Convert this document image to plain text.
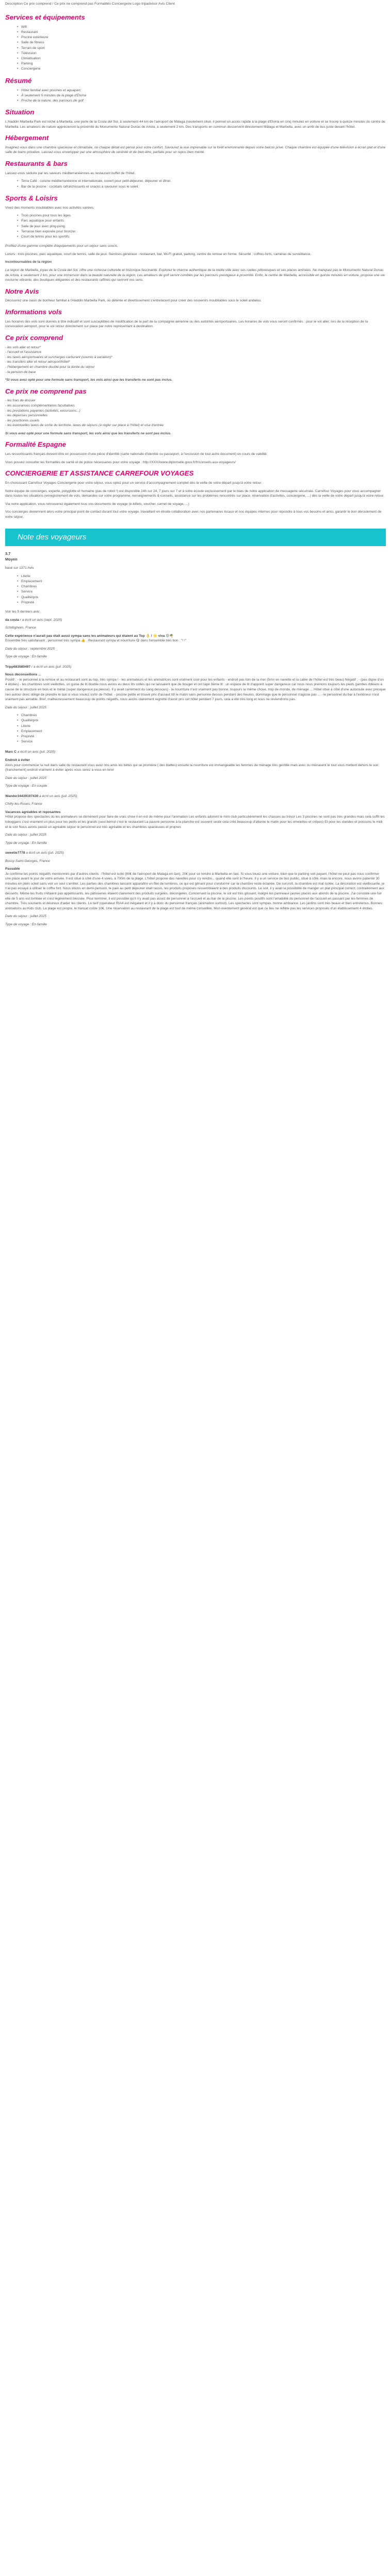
Description Ce prix comprend / Ce prix ne comprend pas Formalités Conciergerie Logo tripadvisor Avis Client
Services et équipements
• Wifi
• Restaurant
• Piscine extérieure
• Salle de fitness
• Terrain de sport
• Télévision
• Climatisation
• Parking
• Conciergerie
Résumé
• Hôtel familial avec piscines et aquaparc
• À seulement 5 minutes de la plage d'Elviria
• Proche de la nature, des parcours de golf
Situation

L'Aladdin Marbella Park est niché à Marbella, une perle de la Costa del Sol, à seulement 44 km de l'aéroport de Málaga (seulement situé, il permet un accès rapide à la plage d'Elviria en cinq minutes en voiture et se trouve à quinze minutes du centre de Marbella. Les amateurs de nature apprécieront la proximité du Monumento Natural Dunas de Artola, à seulement 2 km. Des transports en commun desservent directement Málaga et Marbella, avec un arrêt de bus juste devant l'hôtel.

Hébergement

Imaginez-vous dans une chambre spacieuse et climatisée, où chaque détail est pensé pour votre confort. Savourez la vue imprenable sur la forêt environnante depuis votre balcon privé. Chaque chambre est équipée d'une télévision à écran plat et d'une salle de bains privative. Laissez-vous envelopper par une atmosphère de sérénité et de bien-être, parfaite pour un repos bien mérité.

Restaurants & bars

Laissez-vous séduire par les saveurs méditerranéennes au restaurant buffet de l'hôtel.

• Terra Café : cuisine méditerranéenne et internationale, ouvert pour petit-déjeuner, déjeuner et dîner.
• Bar de la piscine : cocktails rafraîchissants et snacks à savourer sous le soleil.
Sports & Loisirs

Vivez des moments inoubliables avec nos activités variées.

• Trois piscines pour tous les âges.
• Parc aquatique pour enfants.
• Salle de jeux avec ping-pong.
• Terrasse bien exposée pour bronzer.
• Court de tennis pour les sportifs.

Profitez d'une gamme complète d'équipements pour un séjour sans soucis.

Loisirs : trois piscines, parc aquatique, court de tennis, salle de jeux. Services généraux : restaurant, bar, Wi-Fi gratuit, parking, centre de remise en forme. Sécurité : coffres-forts, caméras de surveillance.

Incontournables de la région

La région de Marbella, joyau de la Costa del Sol, offre une richesse culturelle et historique fascinante. Explorez le charme authentique de la vieille ville avec ses ruelles pittoresques et ses places animées. Ne manquez pas le Monumento Natural Dunas de Artola, à seulement 2 km, pour une immersion dans la beauté naturelle de la région. Les amateurs de golf seront comblés par les parcours prestigieux à proximité. Enfin, le centre de Marbella, accessible en quinze minutes en voiture, propose une vie nocturne vibrante, des boutiques élégantes et des restaurants raffinés qui raviront vos sens.

Notre Avis

Découvrez une oasis de bonheur familial à l'Aladdin Marbella Park, où détente et divertissement s'entrelacent pour créer des souvenirs inoubliables sous le soleil andalou.

Informations vols

Les horaires des vols sont donnés à titre indicatif et sont susceptibles de modification de la part de la compagnie aérienne ou des autorités aéroportuaires. Les horaires de vols vous seront confirmés : pour le vol aller, lors de la réception de la convocation aéroport, pour le vol retour directement sur place par notre représentant à destination.

Ce prix comprend
- les vols aller et retour*
- l'accueil et l'assistance
- les taxes aéroportuaires et surcharges carburant (soumis à variation)*
- les transfers aller et retour aéroport/hôtel*
- l'hébergement en chambre double pour la durée du séjour
- la pension de base

*Si vous avez opté pour une formule sans transport, les vols ainsi que les transferts ne sont pas inclus.

Ce prix ne comprend pas
- les frais de dossier
- les assurances complémentaires facultatives
- les prestations payantes (activités, excursions...)
- les dépenses personnelles
- les pourboires usuels
- les éventuelles taxes de sortie du territoire, taxes de séjours (à régler sur place à l'hôtel) et visa d'entrée

Si vous avez opté pour une formule sans transport, les vols ainsi que les transferts ne sont pas inclus.

Formalité Espagne

Les ressortissants français doivent être en possession d'une pièce d'identité (carte nationale d'identité ou passeport, à l'exclusion de tout autre document) en cours de validité.

Vous pouvez consulter les formalités de santé et de police nécessaires pour votre voyage : http://XXXXwww.diplomatie.gouv.fr/fr/conseils-aux-voyageurs/

CONCIERGERIE ET ASSISTANCE CARREFOUR VOYAGES

En choisissant Carrefour Voyages Conciergerie pour votre séjour, vous optez pour un service d'accompagnement complet dès la veille de votre départ jusqu'à votre retour.

Notre équipe de concierges, experte, polyglotte et humaine (pas de robot !) est disponible 24h sur 24, 7 jours sur 7 et à votre écoute exclusivement par le biais de notre application de messagerie sécurisée. Carrefour Voyages pour vous accompagner dans toutes les situations (enregistrement de vols, demandes sur votre programme, renseignements & conseils, assistance sur les problèmes rencontrés sur place, réservation d'activités, conciergerie, ...) dès la veille de votre départ jusqu'à votre retour.

Via notre application, vous retrouverez également tous vos documents de voyage (e-billets, voucher, carnet de voyage, ...)

Vos concierges deviennent alors votre principal point de contact durant tout votre voyage, travaillant en étroite collaboration avec nos partenaires locaux et nos équipes internes pour répondre à tous vos besoins et ainsi, garantir le bon déroulement de votre séjour.

Note des voyageurs

3.7

Moyen

basé sur 1371 Avis

• Literie
• Emplacement
• Chambres
• Service
• Qualité/prix
• Propreté

Voir les 5 derniers avis

da costa r a écrit un avis (sept. 2025)

Schiltigheim, France

Cette expérience n'aurait pas était aussi sympa sans les animateurs qui étaient au Top 👌 ! 🌟 viva 😍🌴

Ensemble très satisfaisant , personnel très sympa 👍 . Restaurant sympa et nourriture 😋 dans l'ensemble très bon . "! !"

Date du séjour : septembre 2025

Type de voyage : En famille

Tripp683580497 r a écrit un avis (juil. 2025)

Nous déconseillons ...

Positif : - le personnel à la remise et au restaurant sont au top, très sympa ! - les animateurs et les animatrices sont vraiment cool pour les enfants - endroit pas loin de la mer (5mn en navette et la calèe de l'hôtel est très beau) Négatif : - (pas digne d'un 4 étoiles) - les chambres sont vieillottes, un guise de lit double nous avons eu deux lits collés qui ne laissaient que de bouger et ont tapé 3ème lit : un espace de lit d'appoint super dangereux car nous nous prenions toujours les pieds (jambes ddéans à cause de la structure en bois et le métal (super dangereux pa pieuse). Il y avait carrément du sang dessous) - la nourriture n'est vraiment pas bonne, toujours la même chose, trop de monde, de ménage ... Hôtel situé à côté d'une autoroute avec presque rien autour donc obligé de prendre le taxi si vous voulez sortir de l'hôtel. - piscine petite et trouvé prix d'assaut tôt le matin sans personne dessus pendant des heures, dommage que le personnel n'agisse pas ... - le personnel du bar à l'extérieur n'est vraiment pas aimable. Bref, malheureusement beaucoup de points négatifs, nous avons clairement regretté d'avoir pris cet hôtel pendant 7 jours, cela a été très long et nous ne reviendrons pas.

Date du séjour : juillet 2025

• Chambres
• Qualité/prix
• Literie
• Emplacement
• Propreté
• Service

Marc C a écrit un avis (juil. 2025)

Endroit à éviter

Alors pour commencer la nuit dans salle du restaurant vous avez nos amis les bêtes qui se promène ( des blattes) ensuite la nourriture est immangeable les femmes de ménage très gentille mais avec ou ménasent le tout vous mettent dehors le soir (franchement) endroit vraiment à éviter après vous serez à vous en tenir

Date du séjour : juillet 2025

Type de voyage : En couple

Wander34439197430 a écrit un avis (juil. 2025)

Chilly-les-Roses, France

Vacances agréables et reposantes

Hôtel propose des spectacles où les animateurs se démènent pour faire de vrais show il en est de même pour l'animation Les enfants adorent le mini club particulièrement les chasses au trésor Les 3 piscines ne sont pas très grandes mais cela suffit les toboggans c'est vraiment un plus pour les petits et les grands (seul bémol c'est le restaurant La pauvre personne à la planche est souvent seule cela créé beaucoup d'attente le matin pour les omelettes et crêpes) Et pour les viandes et poissons le midi et le soir Nous avons passé un agréable séjour le personnel est très agréable et les chambres spacieuses et propres

Date du séjour : juillet 2025

Type de voyage : En famille

sweetie7778 a écrit un avis (juil. 2025)

Bussy-Saint-Georges, France

Passable

Je confirme les points négatifs mentionnés par d'autres clients : l'hôtel est isolé (80€ de l'aéroport de Malaga en taxi), 20€ pour se rendre à Marbella en taxi. Si vous louez une voiture, bien que le parking soit payant, l'hôtel ne peut pas vous confirmer une place avant le jour de votre arrivée. Il est situé à côté d'une 4 voies, à 700m de la plage. L'hôtel propose des navettes pour s'y rendre... quand elle sont à l'heure. Il y a un service de bus public, situé à côté, mais la encore, nous avons patienté 30 minutes en plein soleil sans voir un seul s'arrêter. Les parties des chambres laissent apparaître un filet de lumières, ce qui est gênant pour s'endormir car la chambre reste éclairée. De surcroît, la chambre est mal isolée. La décoration est vieillissante, je n'ai pas essayé à utiliser le coffre fort. Nous étions en demi-pension, le pain au petit déjeuner était rassis, les produits proposés ressemblaient à des produits discounts. Le soir, il y avait la possibilité de manger un plat principal correct, contrairement aux desserts. Même les fruits n'étaient pas appétissants, les pâtisseries étaient clairement des produits surgelés, décongelés. Concernant la piscine, le sol est très glissant, malgré les panneaux jaunes placés aux abords de la piscine. J'ai constaté une fuir elle de 5 ans est tombée et s'est légèrement blessée. Pour terminer, il est possible qu'il n'y avait pas assez de personnel à l'accueil et au bar de la piscine. Les points positifs sont l'amabilité du personnel de l'accueil en passant par les femmes de chambre. Très souriants et désireux d'aider les clients. Le tarif (operateur RIA4 est inégalant et il y a donc du personnel français (animation surtout). Les spectacles sont sympas, bonne ambiance. Les jardins sont très beaux et bien entretenus. Bonnes animations au Kids club. La plage est propre, le transat coûte 10€. Une réservation au restaurant de la plage est tout de même conseillée. Mon eventement général est que ce lieu ne reflète pas les services proposés d'un établissement 4 étoiles.

Date du séjour : juillet 2025

Type de voyage : En famille
